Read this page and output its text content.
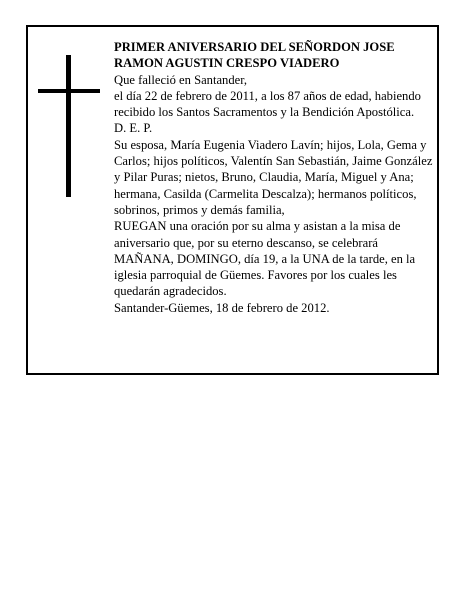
PRIMER ANIVERSARIO DEL SEÑORDON JOSE RAMON AGUSTIN CRESPO VIADERO

Que falleció en Santander,

el día 22 de febrero de 2011, a los 87 años de edad, habiendo recibido los Santos Sacramentos y la Bendición Apostólica.

D. E. P.

Su esposa, María Eugenia Viadero Lavín; hijos, Lola, Gema y Carlos; hijos políticos, Valentín San Sebastián, Jaime González y Pilar Puras; nietos, Bruno, Claudia, María, Miguel y Ana; hermana, Casilda (Carmelita Descalza); hermanos políticos, sobrinos, primos y demás familia,

RUEGAN una oración por su alma y asistan a la misa de aniversario que, por su eterno descanso, se celebrará MAÑANA, DOMINGO, día 19, a la UNA de la tarde, en la iglesia parroquial de Güemes. Favores por los cuales les quedarán agradecidos.

Santander-Güemes, 18 de febrero de 2012.
